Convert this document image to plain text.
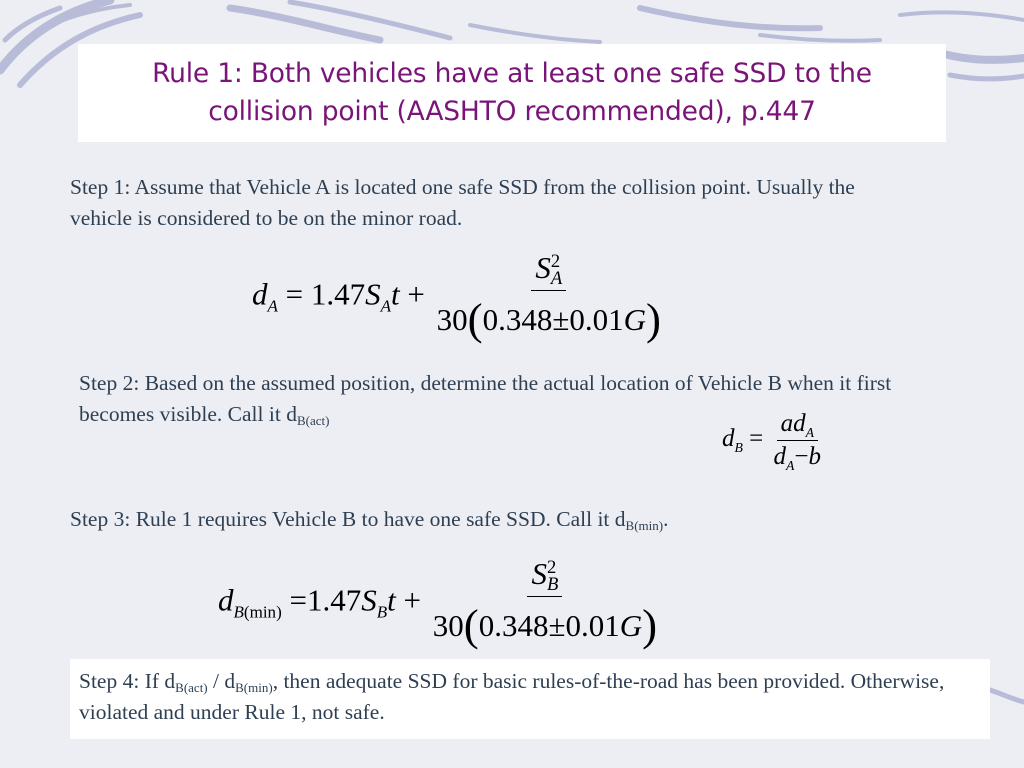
Rule 1: Both vehicles have at least one safe SSD to the
collision point (AASHTO recommended), p.447
Step 1: Assume that Vehicle A is located one safe SSD from the collision point. Usually the vehicle is considered to be on the minor road.
$d_A = 1.47S_At + S$ 2
A
30(0.348±0.01G)
Step 2: Based on the assumed position, determine the actual location of Vehicle B when it first becomes visible. Call it $d_{B(act)}$
$d_B = \frac{ad_A}{d_A-b}$
Step 3: Rule 1 requires Vehicle B to have one safe SSD. Call it $d_{B(min)}$.
$d_{B(min)} =1.47S_Bt + S$ 2
B
30(0.348±0.01G)
Step 4: If $d_{B(act)} / d_{B(min)}$, then adequate SSD for basic rules-of-the-road has been provided. Otherwise, violated and under Rule 1, not safe.
